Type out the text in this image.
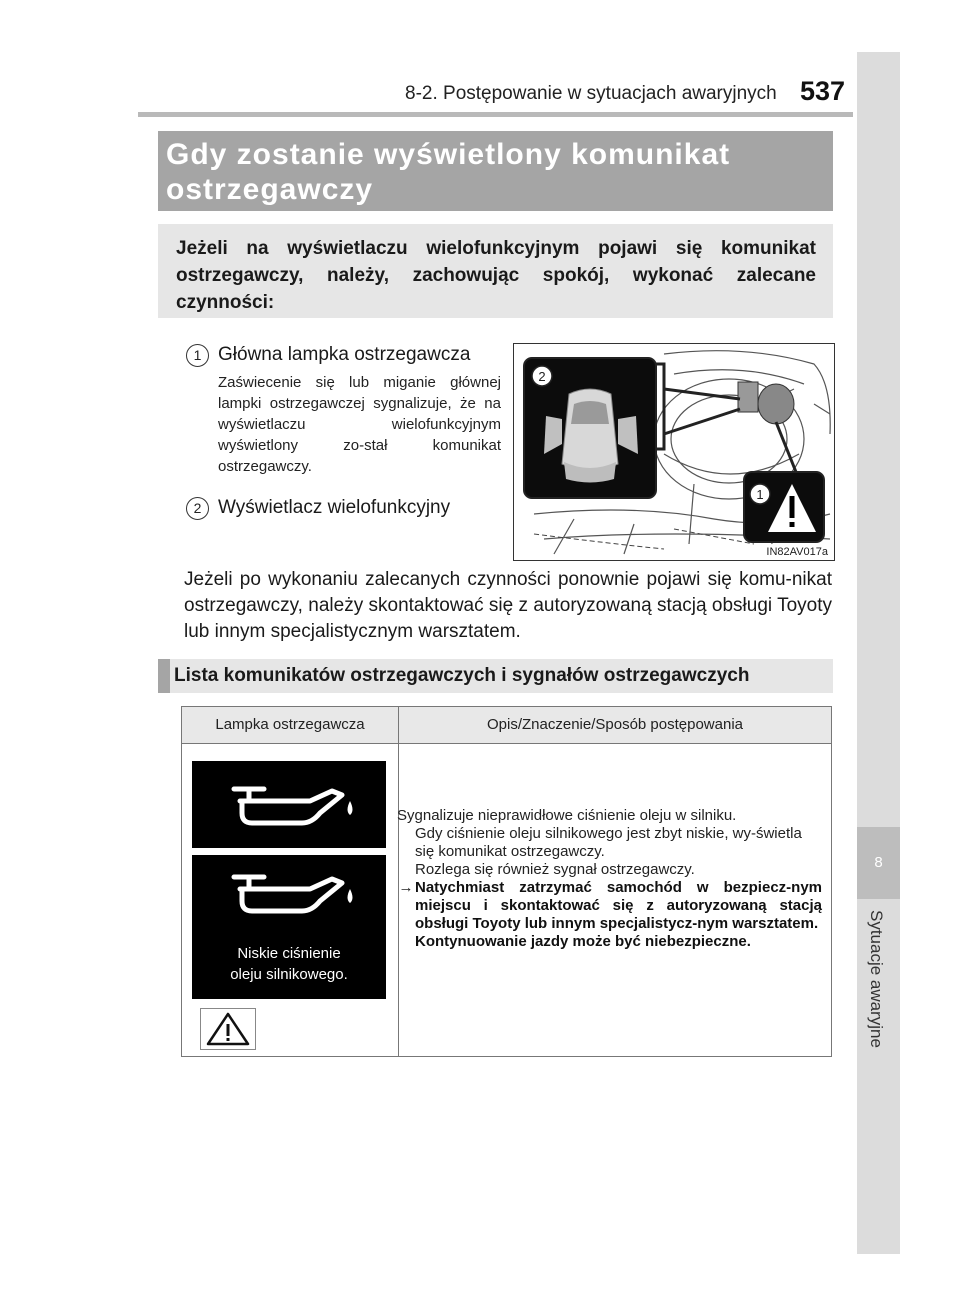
8-2. Postępowanie w sytuacjach awaryjnych 537
8
Sytuacje awaryjne
Gdy zostanie wyświetlony komunikat
ostrzegawczy
Jeżeli na wyświetlaczu wielofunkcyjnym pojawi się komunikat ostrzegawczy, należy, zachowując spokój, wykonać zalecane czynności:
1 Główna lampka ostrzegawcza
Zaświecenie się lub miganie głównej lampki ostrzegawczej sygnalizuje, że na wyświetlaczu wielofunkcyjnym wyświetlony zo-stał komunikat ostrzegawczy.
2 Wyświetlacz wielofunkcyjny
2
1
IN82AV017a
Jeżeli po wykonaniu zalecanych czynności ponownie pojawi się komu-nikat ostrzegawczy, należy skontaktować się z autoryzowaną stacją obsługi Toyoty lub innym specjalistycznym warsztatem.
Lista komunikatów ostrzegawczych i sygnałów ostrzegawczych
Lampka ostrzegawcza	Opis/Znaczenie/Sposób postępowania
Niskie ciśnienie
oleju silnikowego.
Sygnalizuje nieprawidłowe ciśnienie oleju w silniku.
Gdy ciśnienie oleju silnikowego jest zbyt niskie, wy-świetla się komunikat ostrzegawczy.
Rozlega się również sygnał ostrzegawczy.
→ Natychmiast zatrzymać samochód w bezpiecz-nym miejscu i skontaktować się z autoryzowaną stacją obsługi Toyoty lub innym specjalistycz-nym warsztatem.
Kontynuowanie jazdy może być niebezpieczne.
